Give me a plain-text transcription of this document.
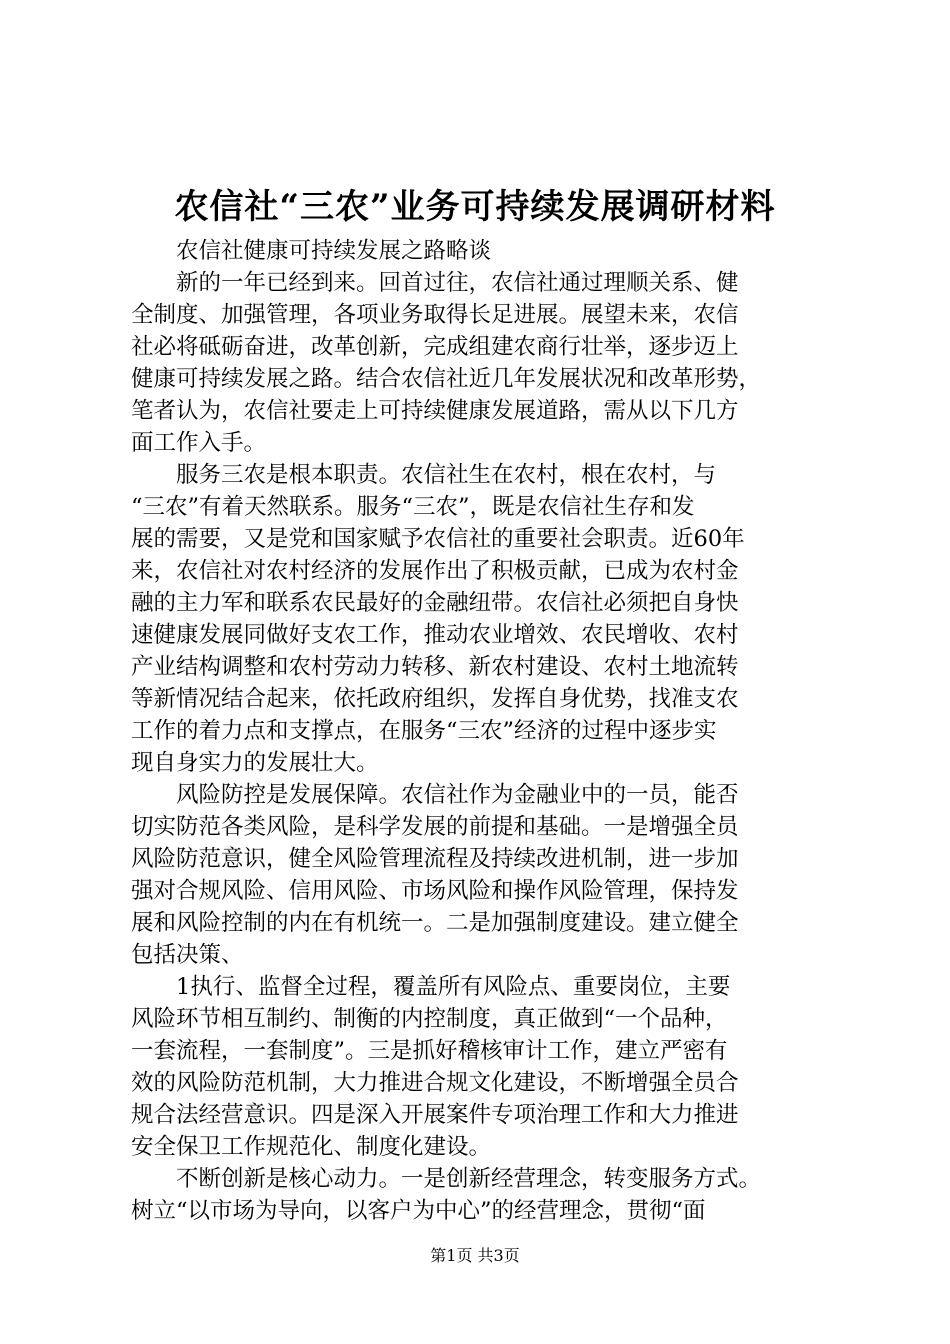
农信社“三农”业务可持续发展调研材料
　　农信社健康可持续发展之路略谈
　　新的一年已经到来。回首过往，农信社通过理顺关系、健
全制度、加强管理，各项业务取得长足进展。展望未来，农信
社必将砥砺奋进，改革创新，完成组建农商行壮举，逐步迈上
健康可持续发展之路。结合农信社近几年发展状况和改革形势，
笔者认为，农信社要走上可持续健康发展道路，需从以下几方
面工作入手。
　　服务三农是根本职责。农信社生在农村，根在农村，与
“三农”有着天然联系。服务“三农”，既是农信社生存和发
展的需要，又是党和国家赋予农信社的重要社会职责。近60年
来，农信社对农村经济的发展作出了积极贡献，已成为农村金
融的主力军和联系农民最好的金融纽带。农信社必须把自身快
速健康发展同做好支农工作，推动农业增效、农民增收、农村
产业结构调整和农村劳动力转移、新农村建设、农村土地流转
等新情况结合起来，依托政府组织，发挥自身优势，找准支农
工作的着力点和支撑点，在服务“三农”经济的过程中逐步实
现自身实力的发展壮大。
　　风险防控是发展保障。农信社作为金融业中的一员，能否
切实防范各类风险，是科学发展的前提和基础。一是增强全员
风险防范意识，健全风险管理流程及持续改进机制，进一步加
强对合规风险、信用风险、市场风险和操作风险管理，保持发
展和风险控制的内在有机统一。二是加强制度建设。建立健全
包括决策、
　　1执行、监督全过程，覆盖所有风险点、重要岗位，主要
风险环节相互制约、制衡的内控制度，真正做到“一个品种，
一套流程，一套制度”。三是抓好稽核审计工作，建立严密有
效的风险防范机制，大力推进合规文化建设，不断增强全员合
规合法经营意识。四是深入开展案件专项治理工作和大力推进
安全保卫工作规范化、制度化建设。
　　不断创新是核心动力。一是创新经营理念，转变服务方式。
树立“以市场为导向，以客户为中心”的经营理念，贯彻“面
第1页 共3页
